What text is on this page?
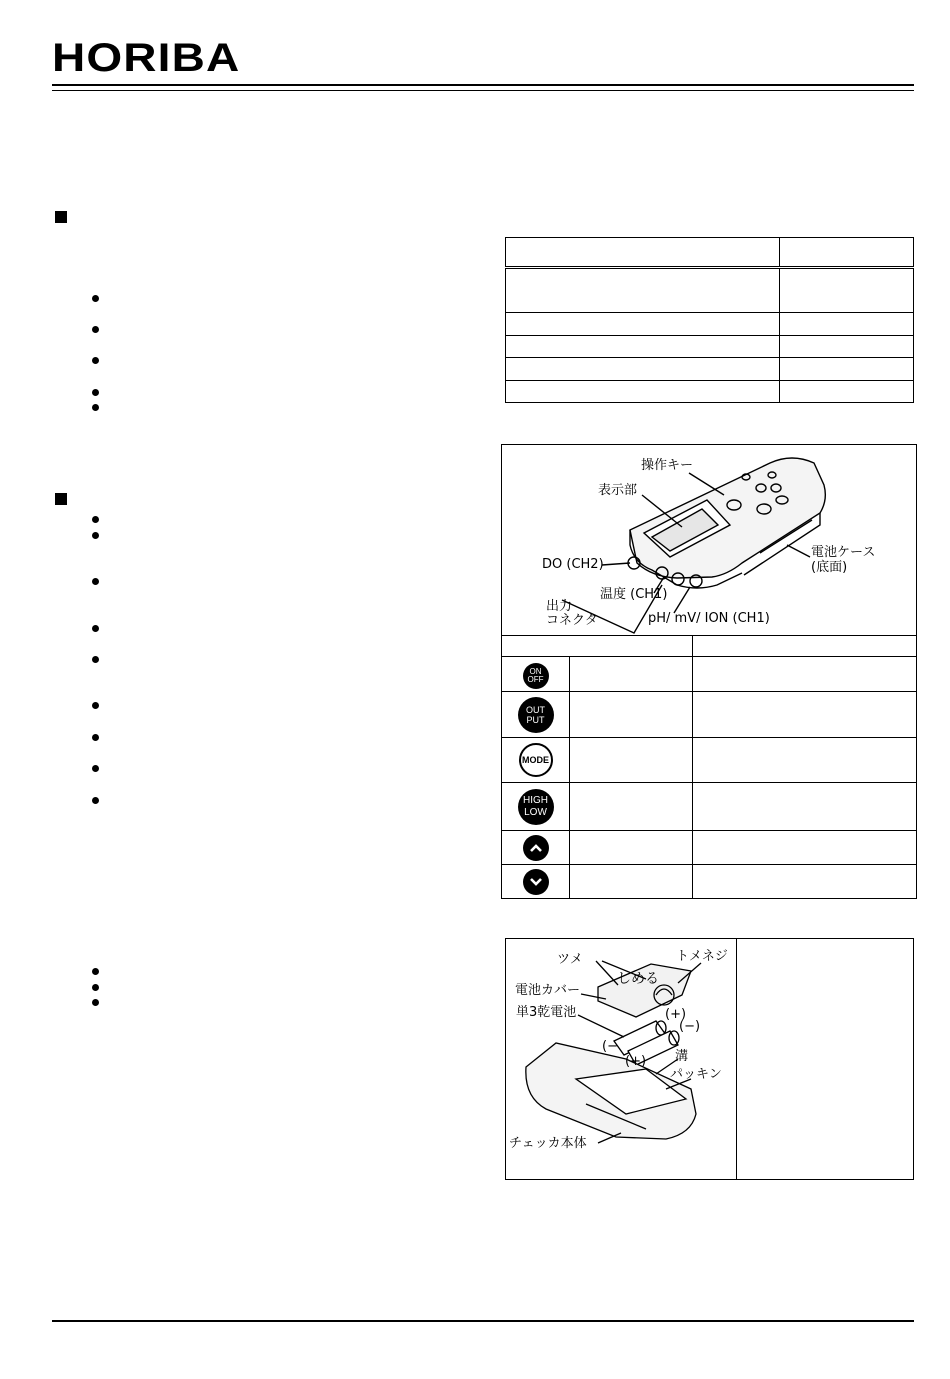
HORIBA

操作キー
表示部
電池ケース
(底面)
DO (CH2)
温度 (CH1)
出力
コネクタ	pH/ mV/ ION (CH1)

ON
OFF		

OUT
PUT		

MODE		

HIGH
LOW		

ツメ	トメネジ
しめる
電池カバー
(+)
単3乾電池
(−)
(−
(+) 溝
パッキン
チェッカ本体
